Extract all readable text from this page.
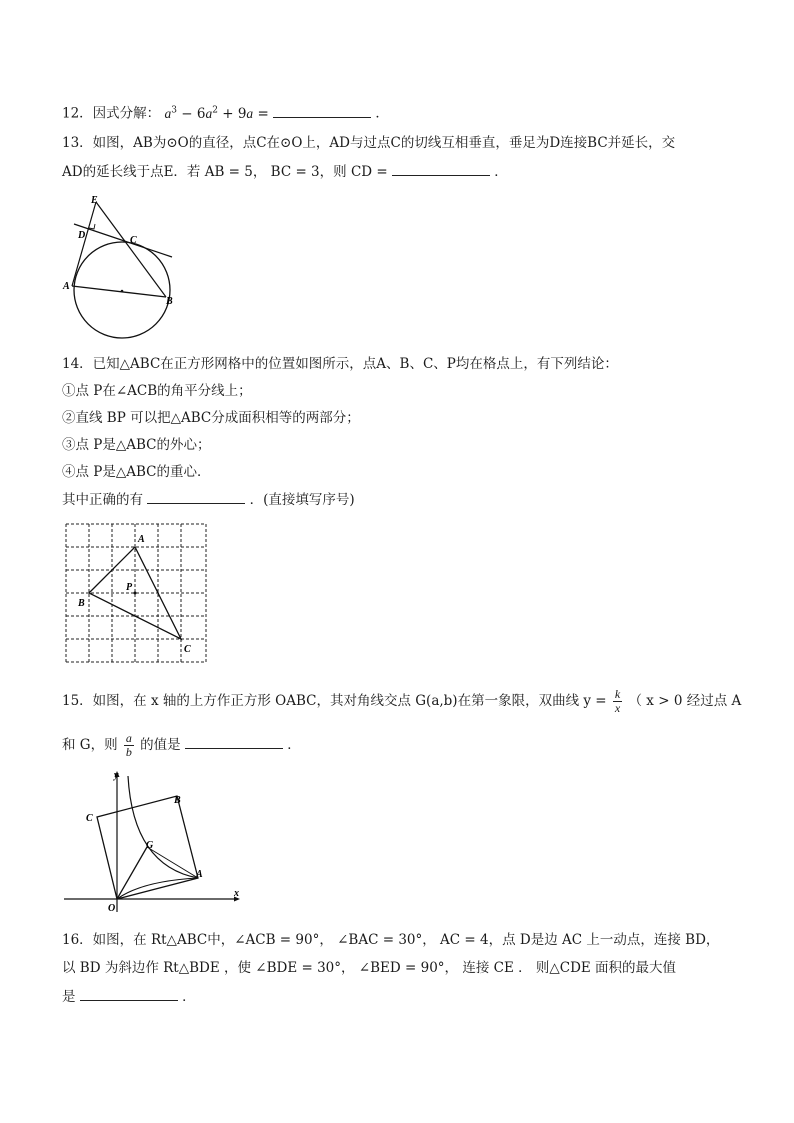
12．因式分解： $a^3 - 6a^2 + 9a$ =	．
13．如图，AB为⊙O的直径，点C在⊙O上，AD与过点C的切线互相垂直，垂足为D连接BC并延长，交
AD的延长线于点E．若 AB = 5， BC = 3，则 CD =	．
E
D	C
A
B
14．已知△ABC在正方形网格中的位置如图所示，点A、B、C、P均在格点上，有下列结论：
①点 P在∠ACB的角平分线上；
②直线 BP 可以把△ABC分成面积相等的两部分；
③点 P是△ABC的外心；
④点 P是△ABC的重心．
其中正确的有	．(直接填写序号)
A
B
P
C
15．如图，在 x 轴的上方作正方形 OABC，其对角线交点 G(a,b)在第一象限，双曲线 $y = \frac{k}{x}$ （ x > 0 经过点 A
和 G，则 $\frac{a}{b}$ 的值是	．
y
B
C
G
A
O
x
16．如图，在 Rt△ABC中，∠ACB = 90°， ∠BAC = 30°， AC = 4，点 D是边 AC 上一动点，连接 BD，
以 BD 为斜边作 Rt△BDE ，使 ∠BDE = 30°， ∠BED = 90°， 连接 CE ． 则△CDE 面积的最大值
是	．
